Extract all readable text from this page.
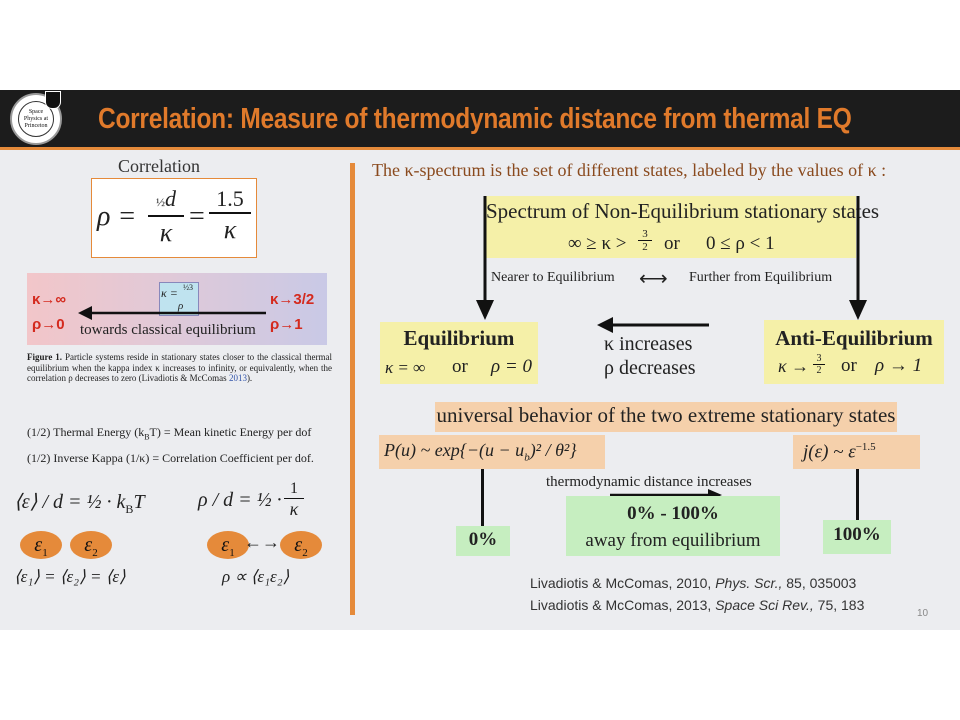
Space Physics at Princeton Correlation: Measure of thermodynamic distance from thermal EQ
Correlation
ρ =	½d
κ
=
1.5
κ
κ = ½3
ρ
κ→∞
ρ→0
κ→3/2
ρ→1
towards classical equilibrium
Figure 1. Particle systems reside in stationary states closer to the classical thermal equilibrium when the kappa index κ increases to infinity, or equivalently, when the correlation ρ decreases to zero (Livadiotis & McComas 2013).
(1/2) Thermal Energy $(k_BT)$ = Mean kinetic Energy per dof
(1/2) Inverse Kappa (1/κ) = Correlation Coefficient per dof.
⟨ε⟩ / d = ½ · $k_BT$	ρ / d = ½ ·
1
κ
$\varepsilon_1$	$\varepsilon_2$	$\varepsilon_1$
←→ $\varepsilon_2$
⟨ε₁⟩ = ⟨ε₂⟩ = ⟨ε⟩	ρ ∝ ⟨ε₁ε₂⟩
The κ-spectrum is the set of different states, labeled by the values of κ :
Spectrum of Non-Equilibrium stationary states
∞ ≥ κ >	3
2 or 0 ≤ ρ < 1
Nearer to Equilibrium ⟷ Further from Equilibrium
Equilibrium
κ = ∞ or ρ = 0
κ increases
ρ decreases
Anti-Equilibrium
κ → 3
2 or ρ → 1
universal behavior of the two extreme stationary states
P(u) ~ $\exp\{-(u - u_b)^2 / \theta^2\}$	j(ε) ~ $\varepsilon^{-1.5}$
thermodynamic distance increases
0%
0% - 100%
away from equilibrium	100%
Livadiotis & McComas, 2010, Phys. Scr., 85, 035003
Livadiotis & McComas, 2013, Space Sci Rev., 75, 183
10
